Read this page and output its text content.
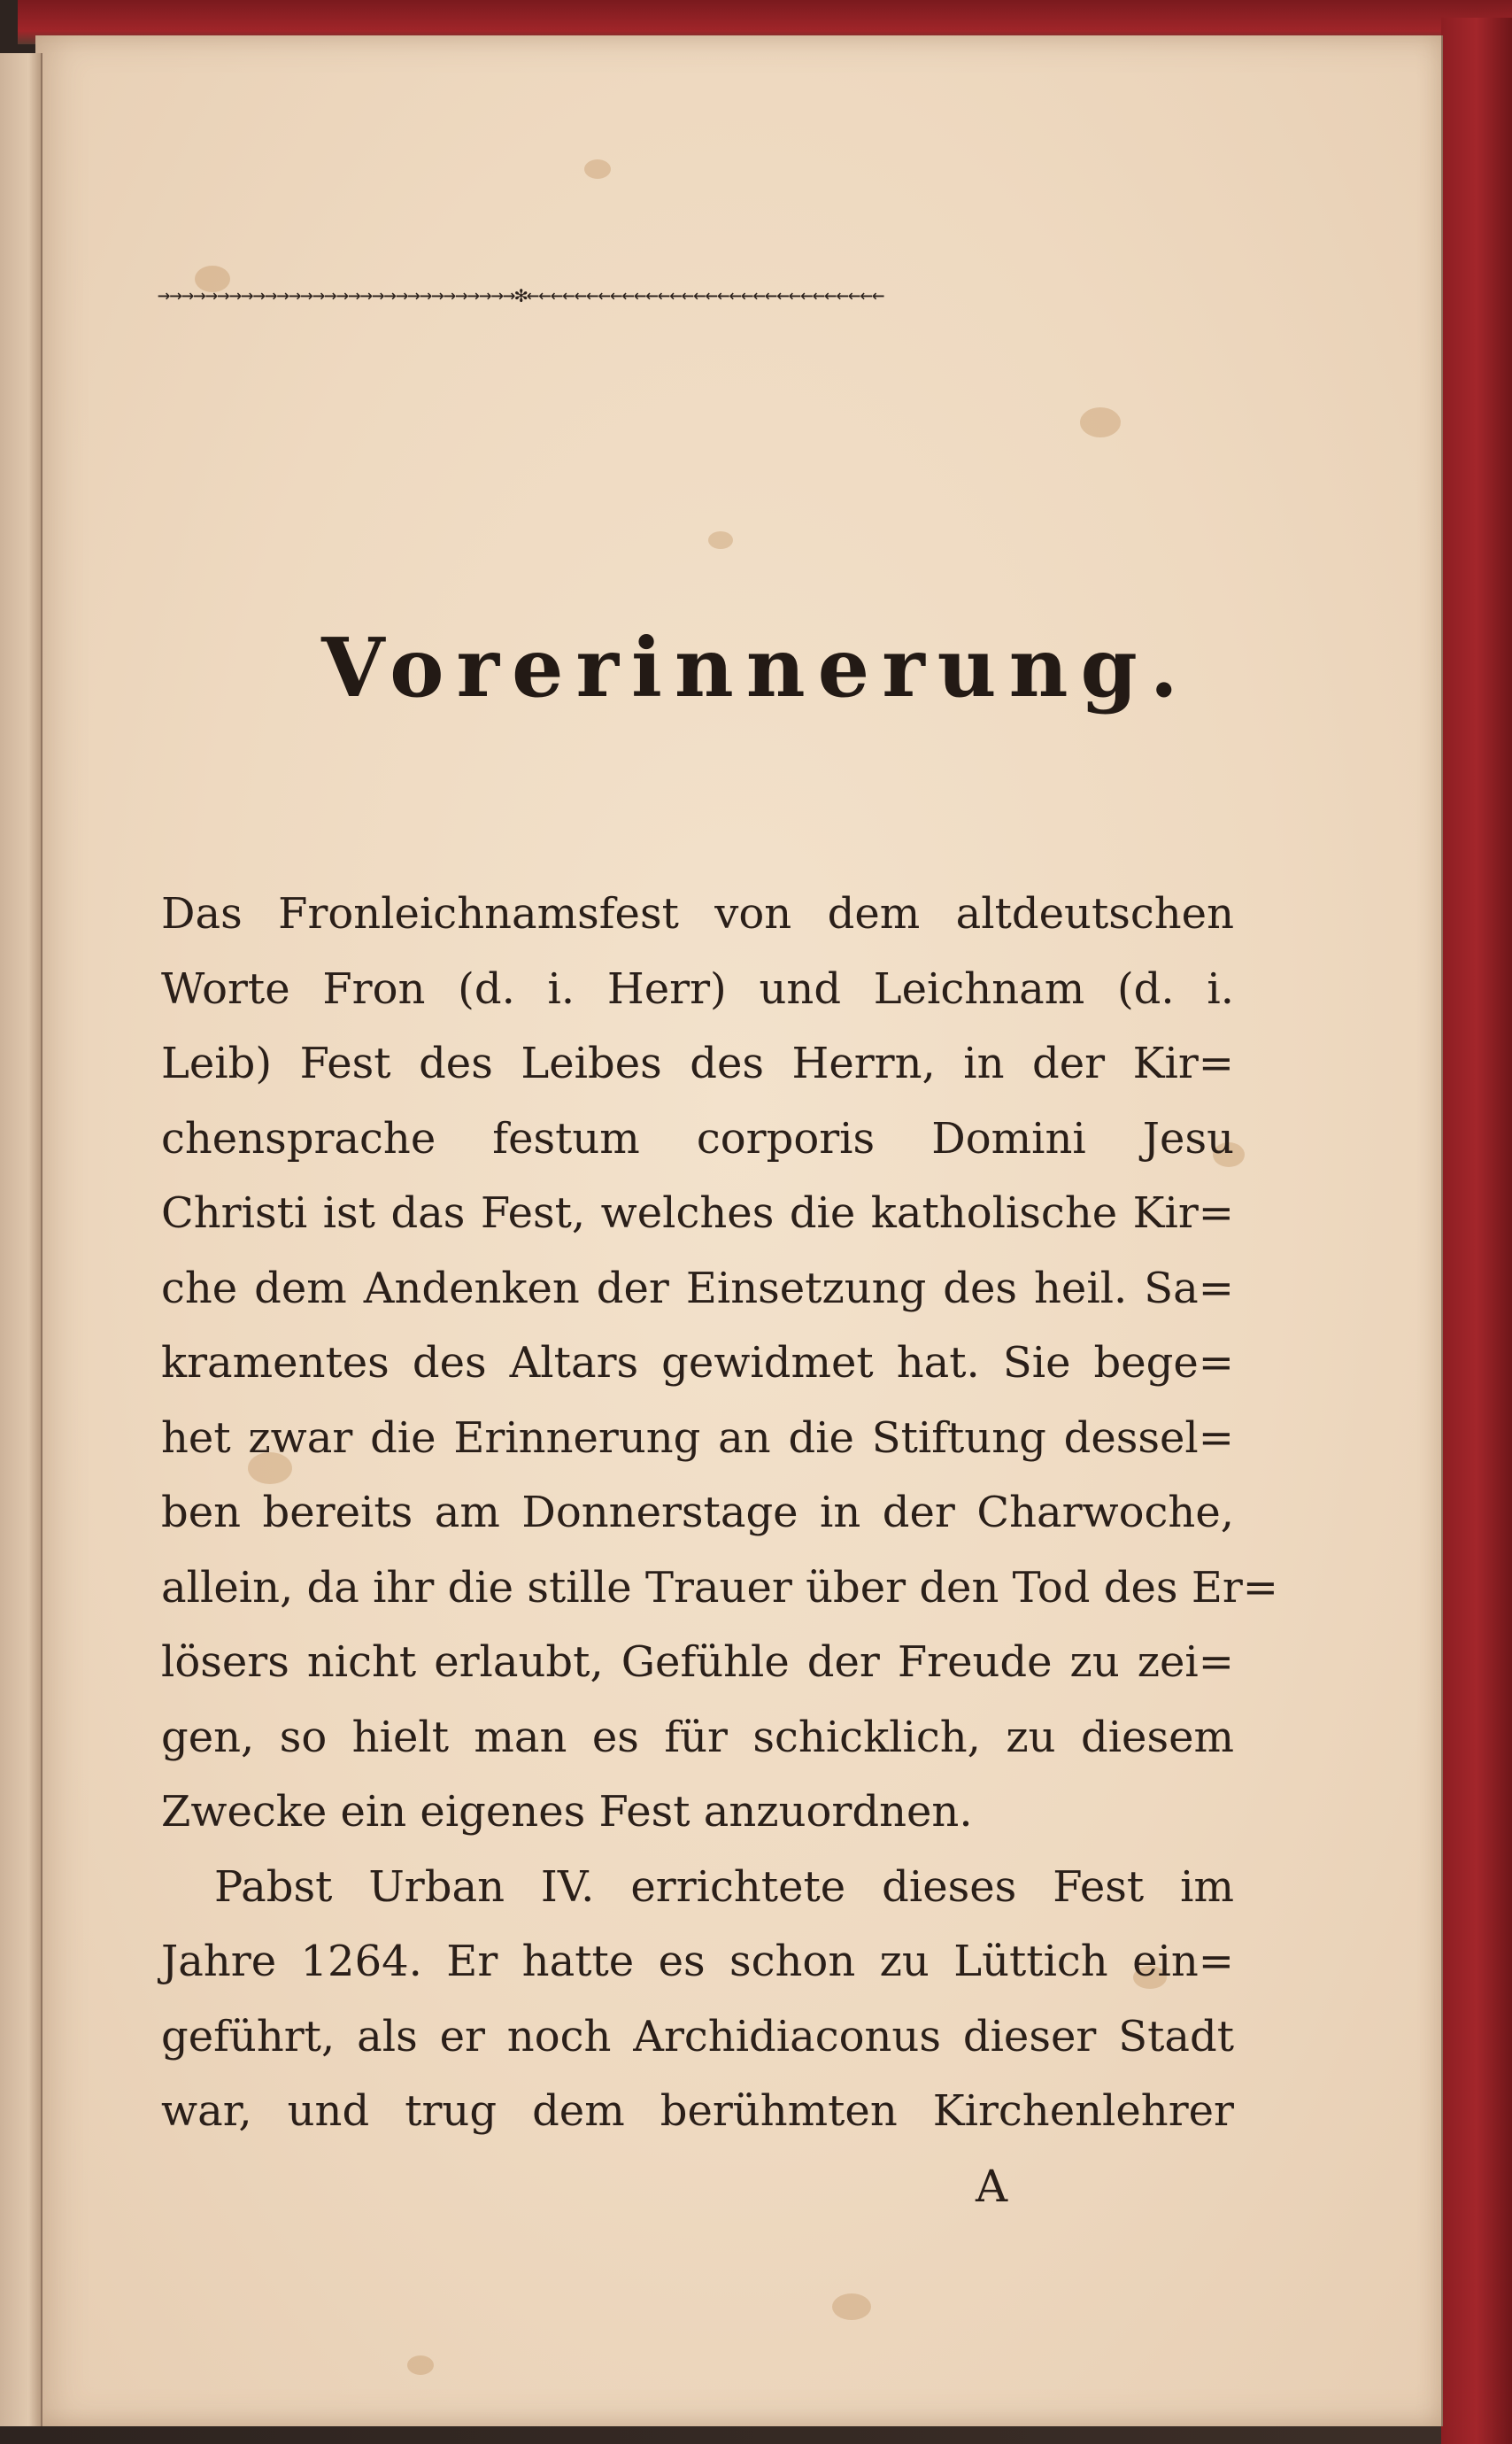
→→→→→→→→→→→→→→→→→→→→→→→→→→→→→→✻←←←←←←←←←←←←←←←←←←←←←←←←←←←←←←
Vorerinnerung.
Das Fronleichnamsfest von dem altdeutschen
Worte Fron (d. i. Herr) und Leichnam (d. i.
Leib) Fest des Leibes des Herrn, in der Kir=
chensprache festum corporis Domini Jesu
Christi ist das Fest, welches die katholische Kir=
che dem Andenken der Einsetzung des heil. Sa=
kramentes des Altars gewidmet hat. Sie bege=
het zwar die Erinnerung an die Stiftung dessel=
ben bereits am Donnerstage in der Charwoche,
allein, da ihr die stille Trauer über den Tod des Er=
lösers nicht erlaubt, Gefühle der Freude zu zei=
gen, so hielt man es für schicklich, zu diesem
Zwecke ein eigenes Fest anzuordnen.
Pabst Urban IV. errichtete dieses Fest im
Jahre 1264. Er hatte es schon zu Lüttich ein=
geführt, als er noch Archidiaconus dieser Stadt
war, und trug dem berühmten Kirchenlehrer
A
